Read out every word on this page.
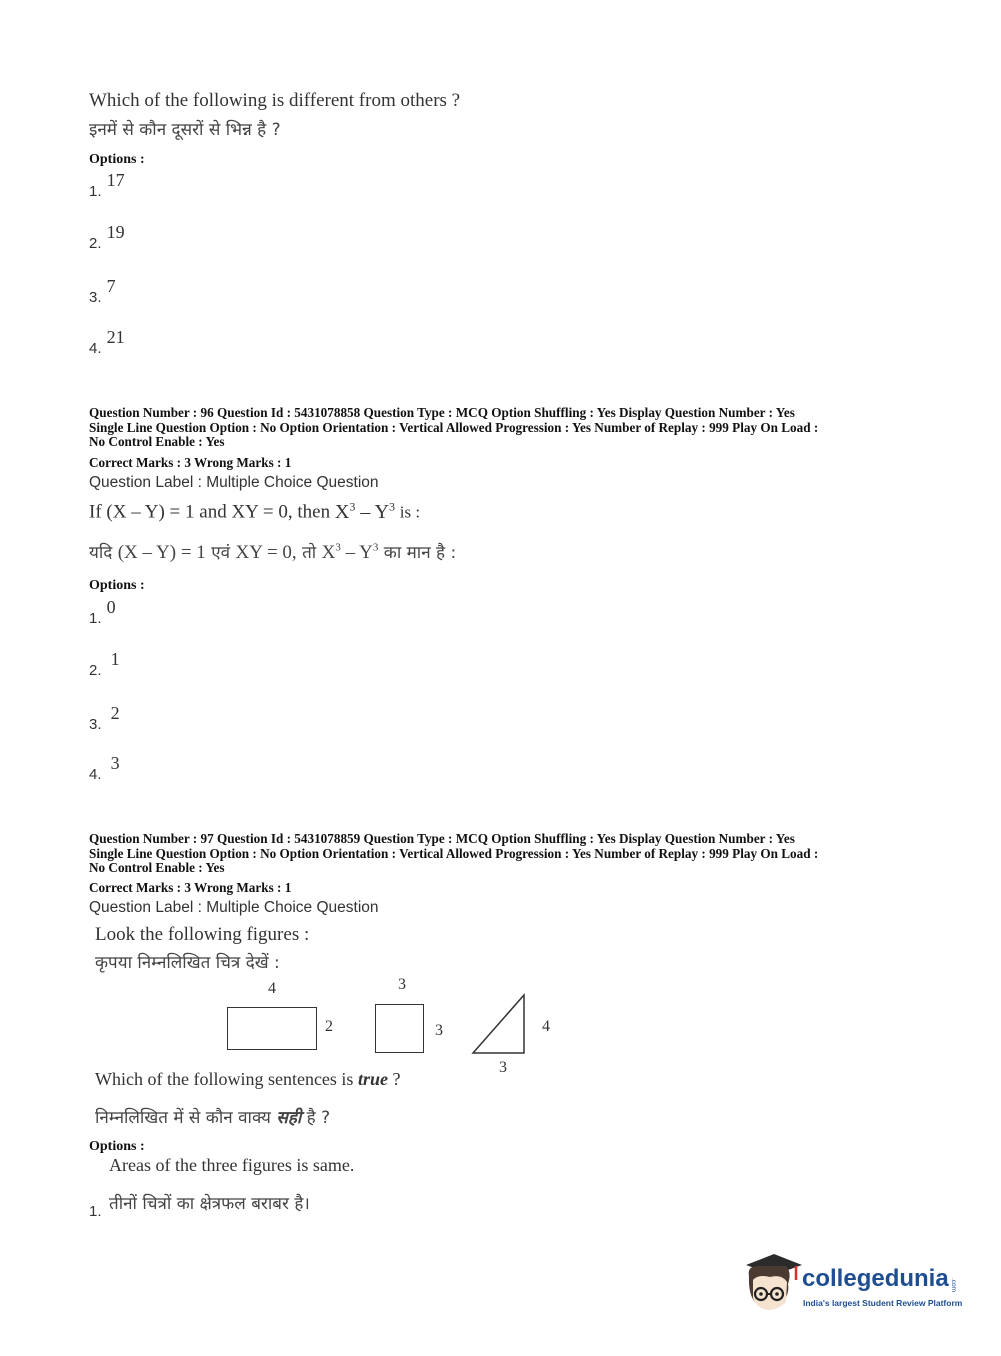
Which of the following is different from others ?
इनमें से कौन दूसरों से भिन्न है ?
Options :
1. 17
2. 19
3. 7
4. 21
Question Number : 96 Question Id : 5431078858 Question Type : MCQ Option Shuffling : Yes Display Question Number : Yes
Single Line Question Option : No Option Orientation : Vertical Allowed Progression : Yes Number of Replay : 999 Play On Load :
No Control Enable : Yes
Correct Marks : 3 Wrong Marks : 1
Question Label : Multiple Choice Question
If (X – Y) = 1 and XY = 0, then $X^3 - Y^3$ is :
यदि (X – Y) = 1 एवं XY = 0, तो $X^3 - Y^3$ का मान है :
Options :
1. 0
2. 1
3. 2
4. 3
Question Number : 97 Question Id : 5431078859 Question Type : MCQ Option Shuffling : Yes Display Question Number : Yes
Single Line Question Option : No Option Orientation : Vertical Allowed Progression : Yes Number of Replay : 999 Play On Load :
No Control Enable : Yes
Correct Marks : 3 Wrong Marks : 1
Question Label : Multiple Choice Question
Look the following figures :
कृपया निम्नलिखित चित्र देखें :
4
2
3
3	4
3
Which of the following sentences is true ?
निम्नलिखित में से कौन वाक्य सही है ?
Options :
Areas of the three figures is same.
1. तीनों चित्रों का क्षेत्रफल बराबर है।
collegedunia .com
India's largest Student Review Platform
